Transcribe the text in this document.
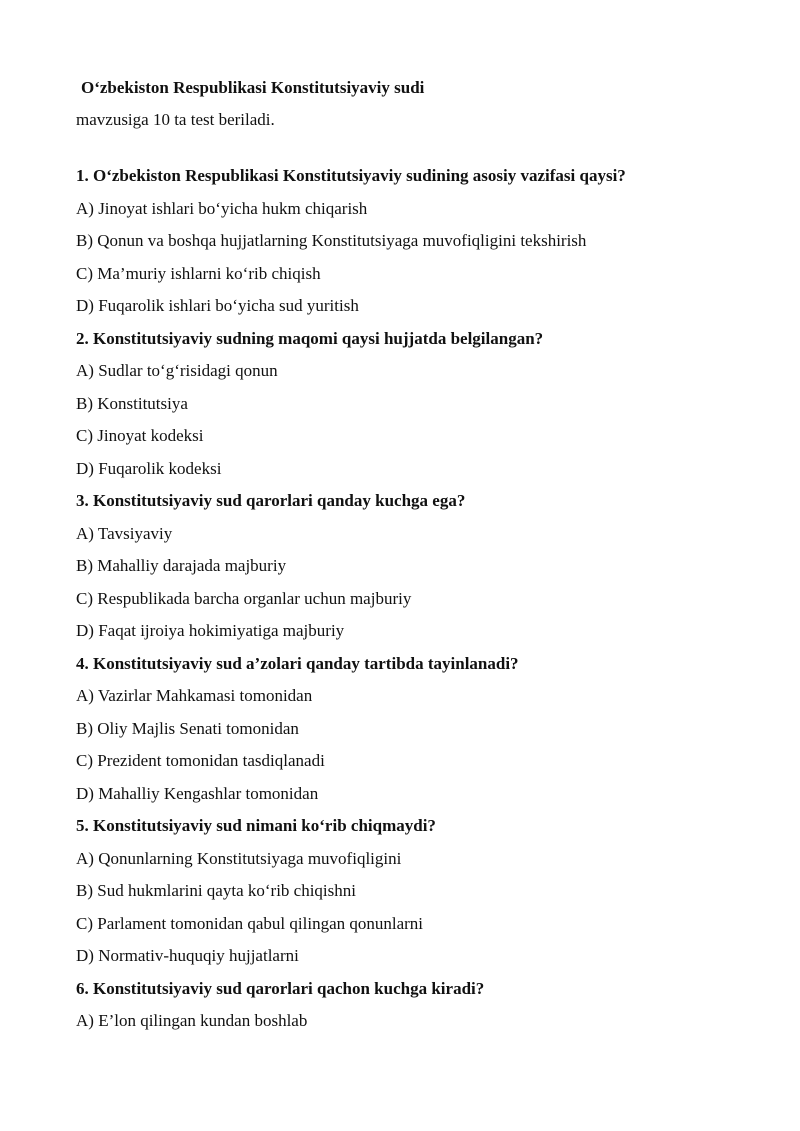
O‘zbekiston Respublikasi Konstitutsiyaviy sudi
mavzusiga 10 ta test beriladi.
1. O‘zbekiston Respublikasi Konstitutsiyaviy sudining asosiy vazifasi qaysi?
A) Jinoyat ishlari bo‘yicha hukm chiqarish
B) Qonun va boshqa hujjatlarning Konstitutsiyaga muvofiqligini tekshirish
C) Ma’muriy ishlarni ko‘rib chiqish
D) Fuqarolik ishlari bo‘yicha sud yuritish
2. Konstitutsiyaviy sudning maqomi qaysi hujjatda belgilangan?
A) Sudlar to‘g‘risidagi qonun
B) Konstitutsiya
C) Jinoyat kodeksi
D) Fuqarolik kodeksi
3. Konstitutsiyaviy sud qarorlari qanday kuchga ega?
A) Tavsiyaviy
B) Mahalliy darajada majburiy
C) Respublikada barcha organlar uchun majburiy
D) Faqat ijroiya hokimiyatiga majburiy
4. Konstitutsiyaviy sud a’zolari qanday tartibda tayinlanadi?
A) Vazirlar Mahkamasi tomonidan
B) Oliy Majlis Senati tomonidan
C) Prezident tomonidan tasdiqlanadi
D) Mahalliy Kengashlar tomonidan
5. Konstitutsiyaviy sud nimani ko‘rib chiqmaydi?
A) Qonunlarning Konstitutsiyaga muvofiqligini
B) Sud hukmlarini qayta ko‘rib chiqishni
C) Parlament tomonidan qabul qilingan qonunlarni
D) Normativ-huquqiy hujjatlarni
6. Konstitutsiyaviy sud qarorlari qachon kuchga kiradi?
A) E’lon qilingan kundan boshlab
